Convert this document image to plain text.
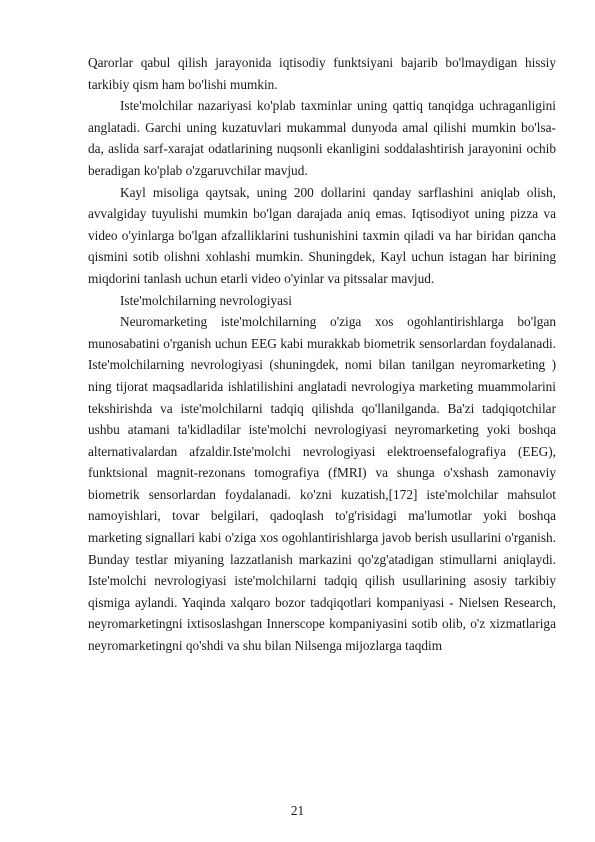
Qarorlar qabul qilish jarayonida iqtisodiy funktsiyani bajarib bo'lmaydigan hissiy tarkibiy qism ham bo'lishi mumkin.

Iste'molchilar nazariyasi ko'plab taxminlar uning qattiq tanqidga uchraganligini anglatadi. Garchi uning kuzatuvlari mukammal dunyoda amal qilishi mumkin bo'lsa-da, aslida sarf-xarajat odatlarining nuqsonli ekanligini soddalashtirish jarayonini ochib beradigan ko'plab o'zgaruvchilar mavjud.

Kayl misoliga qaytsak, uning 200 dollarini qanday sarflashini aniqlab olish, avvalgiday tuyulishi mumkin bo'lgan darajada aniq emas. Iqtisodiyot uning pizza va video o'yinlarga bo'lgan afzalliklarini tushunishini taxmin qiladi va har biridan qancha qismini sotib olishni xohlashi mumkin. Shuningdek, Kayl uchun istagan har birining miqdorini tanlash uchun etarli video o'yinlar va pitssalar mavjud.

Iste'molchilarning nevrologiyasi

Neuromarketing iste'molchilarning o'ziga xos ogohlantirishlarga bo'lgan munosabatini o'rganish uchun EEG kabi murakkab biometrik sensorlardan foydalanadi. Iste'molchilarning nevrologiyasi (shuningdek, nomi bilan tanilgan neyromarketing ) ning tijorat maqsadlarida ishlatilishini anglatadi nevrologiya marketing muammolarini tekshirishda va iste'molchilarni tadqiq qilishda qo'llanilganda. Ba'zi tadqiqotchilar ushbu atamani ta'kidladilar iste'molchi nevrologiyasi neyromarketing yoki boshqa alternativalardan afzaldir.Iste'molchi nevrologiyasi elektroensefalografiya (EEG), funktsional magnit-rezonans tomografiya (fMRI) va shunga o'xshash zamonaviy biometrik sensorlardan foydalanadi. ko'zni kuzatish,[172] iste'molchilar mahsulot namoyishlari, tovar belgilari, qadoqlash to'g'risidagi ma'lumotlar yoki boshqa marketing signallari kabi o'ziga xos ogohlantirishlarga javob berish usullarini o'rganish. Bunday testlar miyaning lazzatlanish markazini qo'zg'atadigan stimullarni aniqlaydi. Iste'molchi nevrologiyasi iste'molchilarni tadqiq qilish usullarining asosiy tarkibiy qismiga aylandi. Yaqinda xalqaro bozor tadqiqotlari kompaniyasi - Nielsen Research, neyromarketingni ixtisoslashgan Innerscope kompaniyasini sotib olib, o'z xizmatlariga neyromarketingni qo'shdi va shu bilan Nilsenga mijozlarga taqdim

21
